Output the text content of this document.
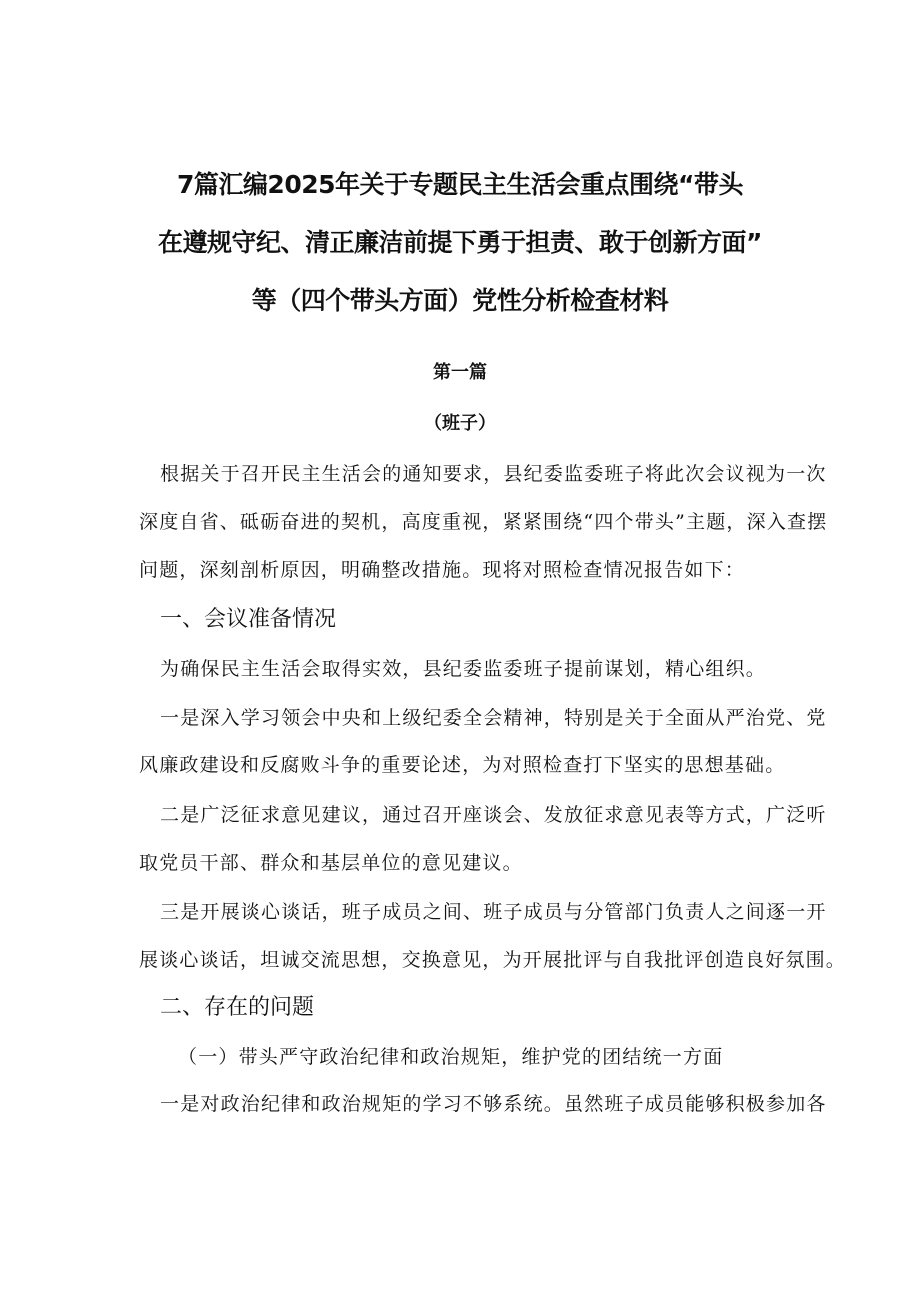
7篇汇编2025年关于专题民主生活会重点围绕“带头
在遵规守纪、清正廉洁前提下勇于担责、敢于创新方面”
等（四个带头方面）党性分析检查材料
第一篇
（班子）
根据关于召开民主生活会的通知要求，县纪委监委班子将此次会议视为一次
深度自省、砥砺奋进的契机，高度重视，紧紧围绕“四个带头”主题，深入查摆
问题，深刻剖析原因，明确整改措施。现将对照检查情况报告如下：
一、会议准备情况
为确保民主生活会取得实效，县纪委监委班子提前谋划，精心组织。
一是深入学习领会中央和上级纪委全会精神，特别是关于全面从严治党、党
风廉政建设和反腐败斗争的重要论述，为对照检查打下坚实的思想基础。
二是广泛征求意见建议，通过召开座谈会、发放征求意见表等方式，广泛听
取党员干部、群众和基层单位的意见建议。
三是开展谈心谈话，班子成员之间、班子成员与分管部门负责人之间逐一开
展谈心谈话，坦诚交流思想，交换意见，为开展批评与自我批评创造良好氛围。
二、存在的问题
（一）带头严守政治纪律和政治规矩，维护党的团结统一方面
一是对政治纪律和政治规矩的学习不够系统。虽然班子成员能够积极参加各
